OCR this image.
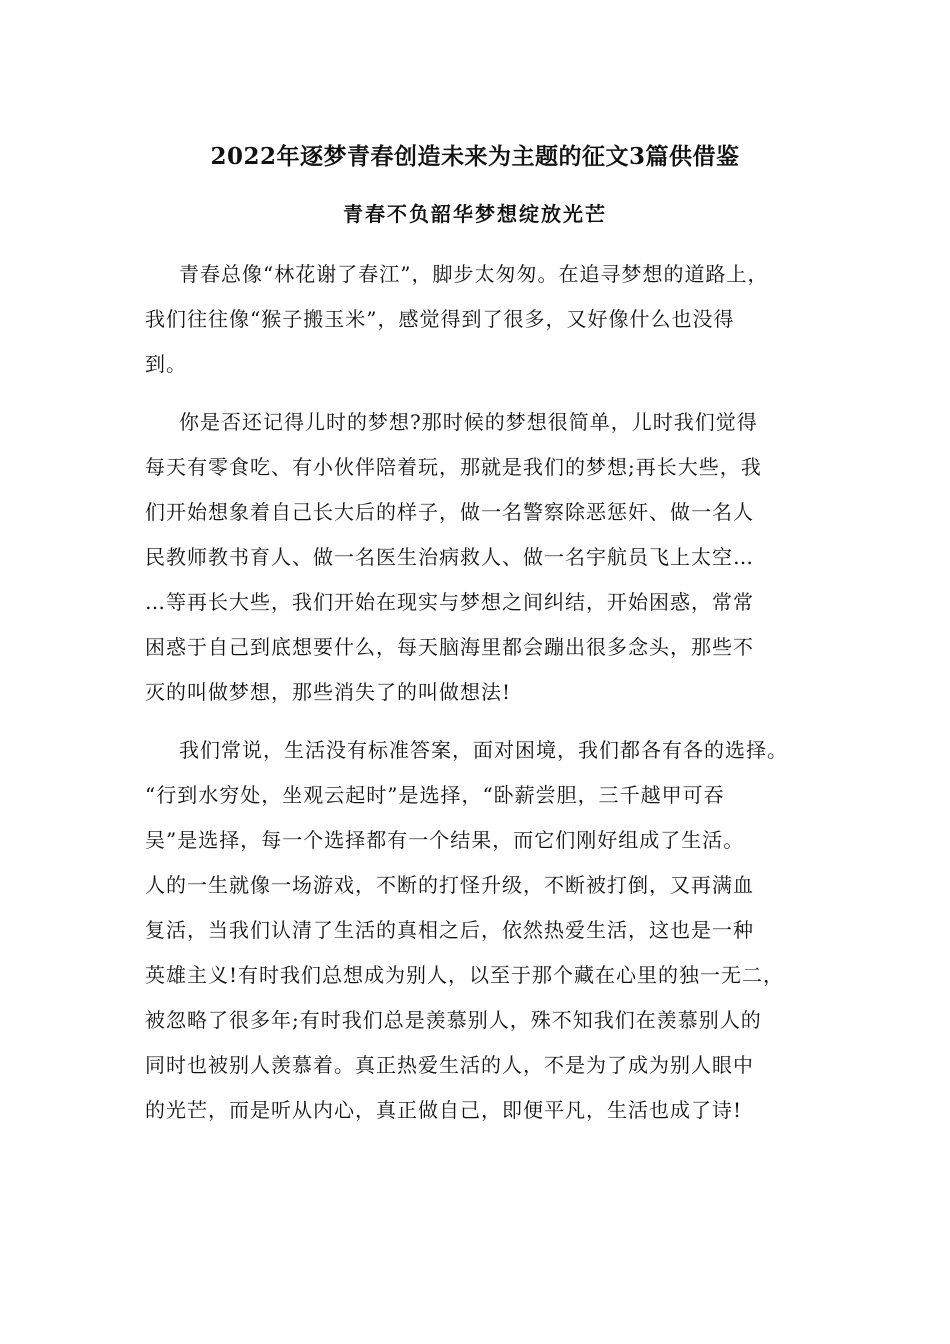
2022年逐梦青春创造未来为主题的征文3篇供借鉴
青春不负韶华梦想绽放光芒

青春总像“林花谢了春江”，脚步太匆匆。在追寻梦想的道路上，
我们往往像“猴子搬玉米”，感觉得到了很多，又好像什么也没得
到。

你是否还记得儿时的梦想?那时候的梦想很简单，儿时我们觉得
每天有零食吃、有小伙伴陪着玩，那就是我们的梦想;再长大些，我
们开始想象着自己长大后的样子，做一名警察除恶惩奸、做一名人
民教师教书育人、做一名医生治病救人、做一名宇航员飞上太空…
…等再长大些，我们开始在现实与梦想之间纠结，开始困惑，常常
困惑于自己到底想要什么，每天脑海里都会蹦出很多念头，那些不
灭的叫做梦想，那些消失了的叫做想法!

我们常说，生活没有标准答案，面对困境，我们都各有各的选择。
“行到水穷处，坐观云起时”是选择，“卧薪尝胆，三千越甲可吞
吴”是选择，每一个选择都有一个结果，而它们刚好组成了生活。
人的一生就像一场游戏，不断的打怪升级，不断被打倒，又再满血
复活，当我们认清了生活的真相之后，依然热爱生活，这也是一种
英雄主义!有时我们总想成为别人，以至于那个藏在心里的独一无二，
被忽略了很多年;有时我们总是羡慕别人，殊不知我们在羡慕别人的
同时也被别人羡慕着。真正热爱生活的人，不是为了成为别人眼中
的光芒，而是听从内心，真正做自己，即便平凡，生活也成了诗!
